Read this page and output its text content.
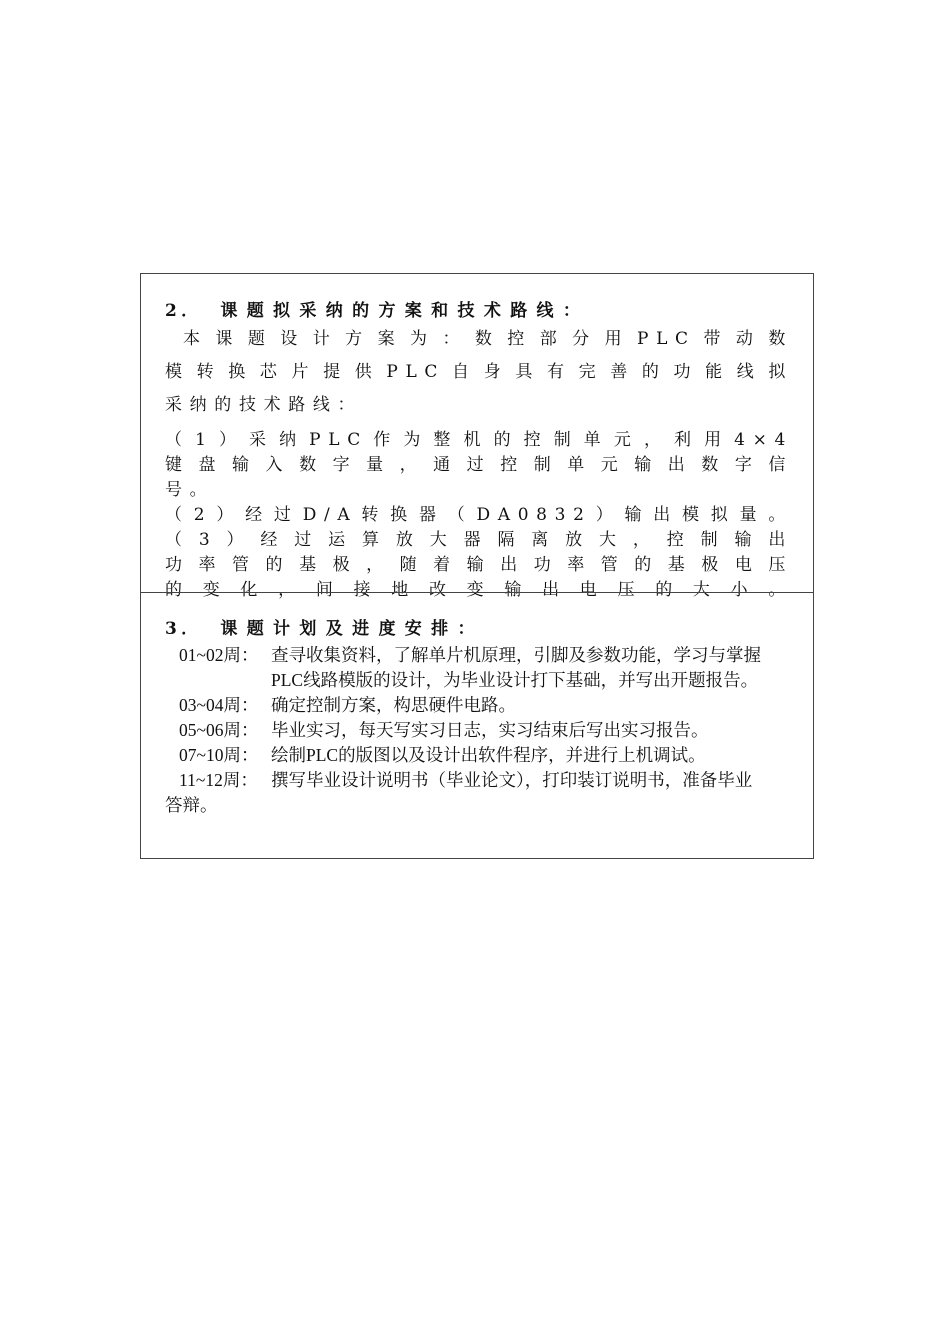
2． 课题拟采纳的方案和技术路线：
本课题设计方案为：数控部分用PLC带动数
模转换芯片提供PLC自身具有完善的功能线拟
采纳的技术路线：
（1）采纳PLC作为整机的控制单元，利用4×4
键盘输入数字量，通过控制单元输出数字信
号。
（2）经过D/A转换器（DA0832）输出模拟量。
（3）经过运算放大器隔离放大，控制输出
功率管的基极，随着输出功率管的基极电压
的变化，间接地改变输出电压的大小。
3． 课题计划及进度安排：
01~02周： 查寻收集资料，了解单片机原理，引脚及参数功能，学习与掌握PLC线路模版的设计，为毕业设计打下基础，并写出开题报告。
03~04周： 确定控制方案，构思硬件电路。
05~06周： 毕业实习，每天写实习日志，实习结束后写出实习报告。
07~10周： 绘制PLC的版图以及设计出软件程序，并进行上机调试。
11~12周： 撰写毕业设计说明书（毕业论文），打印装订说明书，准备毕业
答辩。
